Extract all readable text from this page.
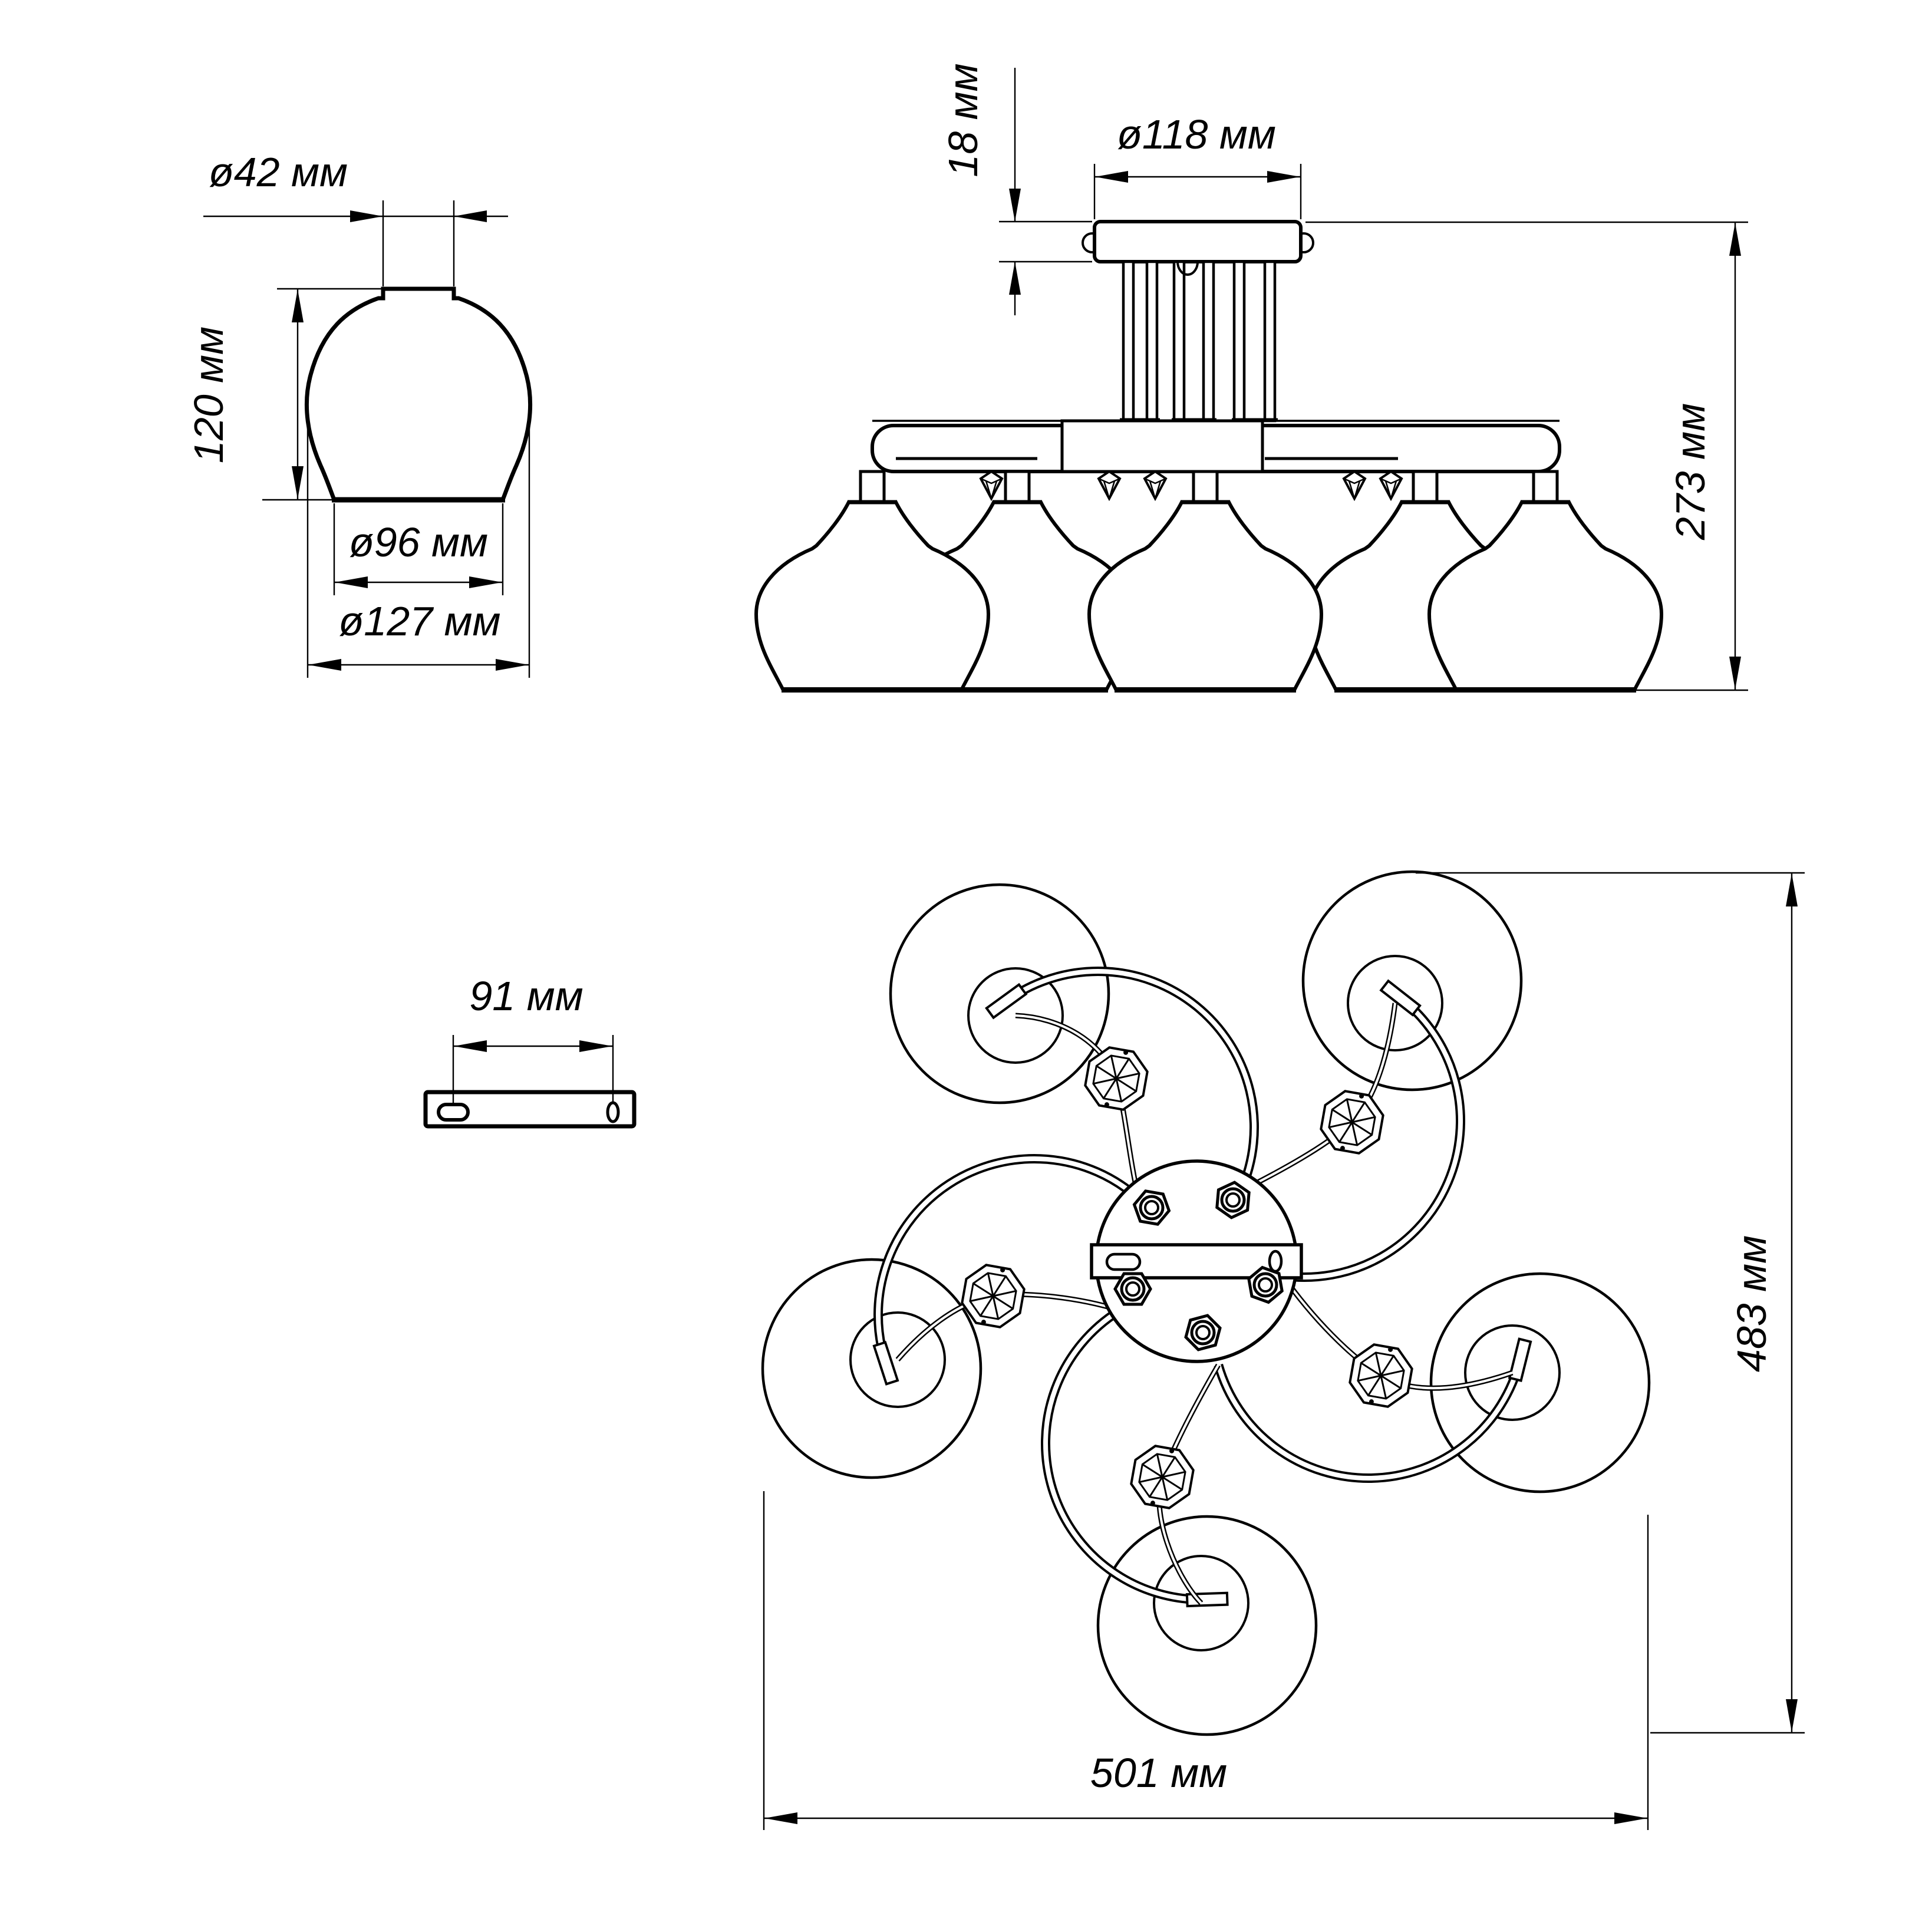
ø42 мм
120 мм
ø96 мм
ø127 мм
ø118 мм
18 мм
273 мм
91 мм
483 мм
501 мм
